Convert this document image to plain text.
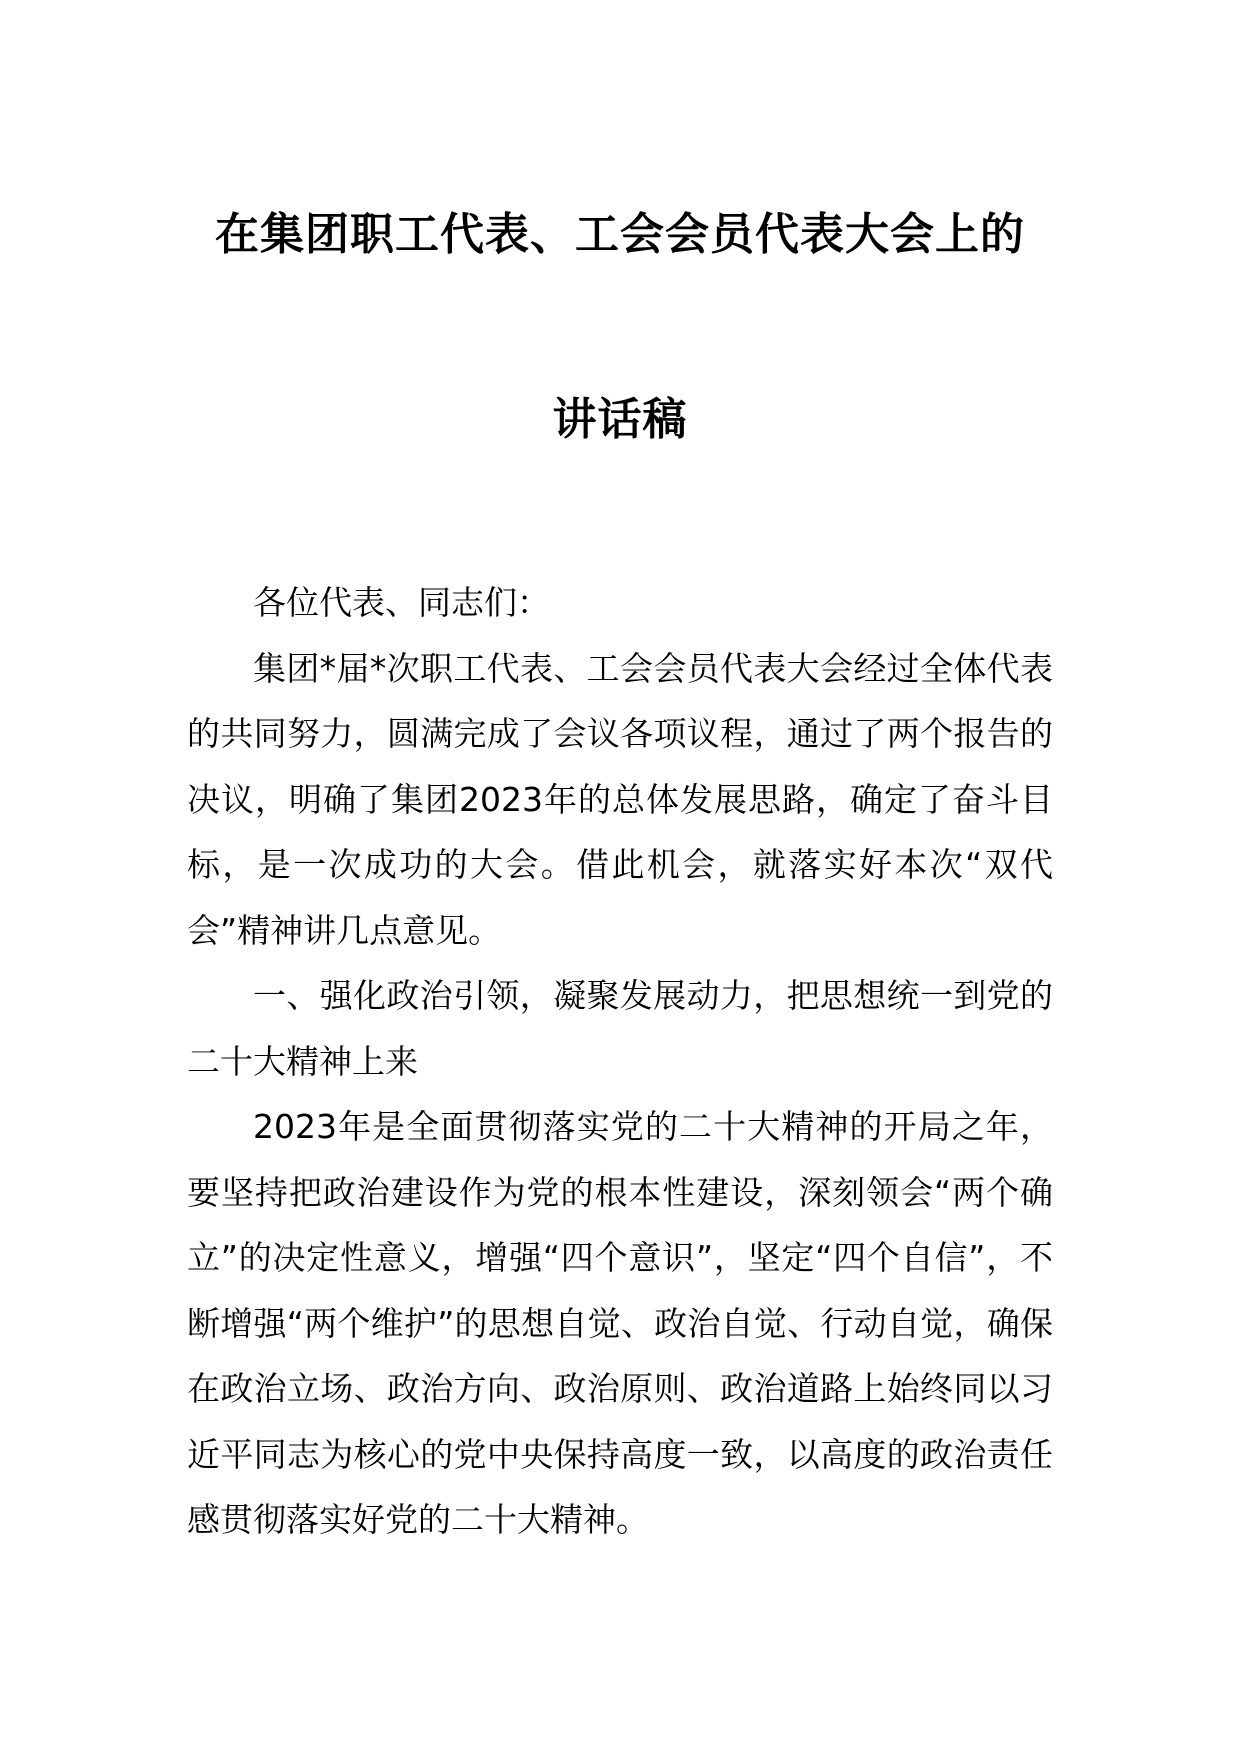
在集团职工代表、工会会员代表大会上的
讲话稿

各位代表、同志们：

集团*届*次职工代表、工会会员代表大会经过全体代表的共同努力，圆满完成了会议各项议程，通过了两个报告的决议，明确了集团2023年的总体发展思路，确定了奋斗目标，是一次成功的大会。借此机会，就落实好本次“双代会”精神讲几点意见。

一、强化政治引领，凝聚发展动力，把思想统一到党的二十大精神上来

2023年是全面贯彻落实党的二十大精神的开局之年，要坚持把政治建设作为党的根本性建设，深刻领会“两个确立”的决定性意义，增强“四个意识”，坚定“四个自信”，不断增强“两个维护”的思想自觉、政治自觉、行动自觉，确保在政治立场、政治方向、政治原则、政治道路上始终同以习近平同志为核心的党中央保持高度一致，以高度的政治责任感贯彻落实好党的二十大精神。
